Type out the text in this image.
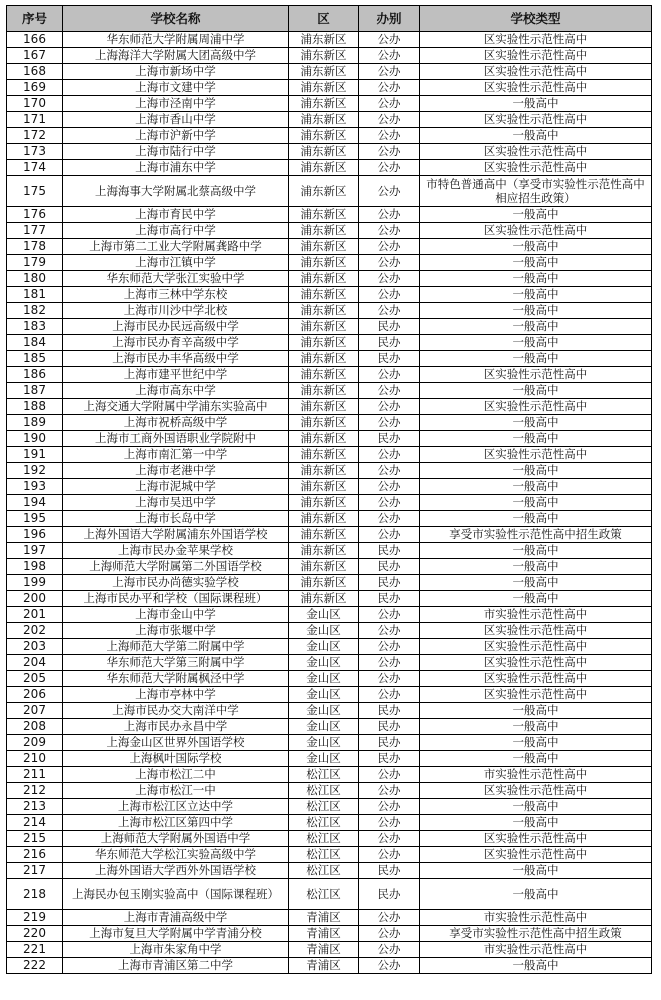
序号	学校名称	区	办别	学校类型
166	华东师范大学附属周浦中学	浦东新区	公办	区实验性示范性高中
167	上海海洋大学附属大团高级中学	浦东新区	公办	区实验性示范性高中
168	上海市新场中学	浦东新区	公办	区实验性示范性高中
169	上海市文建中学	浦东新区	公办	区实验性示范性高中
170	上海市泾南中学	浦东新区	公办	一般高中
171	上海市香山中学	浦东新区	公办	区实验性示范性高中
172	上海市沪新中学	浦东新区	公办	一般高中
173	上海市陆行中学	浦东新区	公办	区实验性示范性高中
174	上海市浦东中学	浦东新区	公办	区实验性示范性高中
175	上海海事大学附属北蔡高级中学	浦东新区	公办	市特色普通高中（享受市实验性示范性高中相应招生政策）
176	上海市育民中学	浦东新区	公办	一般高中
177	上海市高行中学	浦东新区	公办	区实验性示范性高中
178	上海市第二工业大学附属龚路中学	浦东新区	公办	一般高中
179	上海市江镇中学	浦东新区	公办	一般高中
180	华东师范大学张江实验中学	浦东新区	公办	一般高中
181	上海市三林中学东校	浦东新区	公办	一般高中
182	上海市川沙中学北校	浦东新区	公办	一般高中
183	上海市民办民远高级中学	浦东新区	民办	一般高中
184	上海市民办育辛高级中学	浦东新区	民办	一般高中
185	上海市民办丰华高级中学	浦东新区	民办	一般高中
186	上海市建平世纪中学	浦东新区	公办	区实验性示范性高中
187	上海市高东中学	浦东新区	公办	一般高中
188	上海交通大学附属中学浦东实验高中	浦东新区	公办	区实验性示范性高中
189	上海市祝桥高级中学	浦东新区	公办	一般高中
190	上海市工商外国语职业学院附中	浦东新区	民办	一般高中
191	上海市南汇第一中学	浦东新区	公办	区实验性示范性高中
192	上海市老港中学	浦东新区	公办	一般高中
193	上海市泥城中学	浦东新区	公办	一般高中
194	上海市吴迅中学	浦东新区	公办	一般高中
195	上海市长岛中学	浦东新区	公办	一般高中
196	上海外国语大学附属浦东外国语学校	浦东新区	公办	享受市实验性示范性高中招生政策
197	上海市民办金苹果学校	浦东新区	民办	一般高中
198	上海师范大学附属第二外国语学校	浦东新区	民办	一般高中
199	上海市民办尚德实验学校	浦东新区	民办	一般高中
200	上海市民办平和学校（国际课程班）	浦东新区	民办	一般高中
201	上海市金山中学	金山区	公办	市实验性示范性高中
202	上海市张堰中学	金山区	公办	区实验性示范性高中
203	上海师范大学第二附属中学	金山区	公办	区实验性示范性高中
204	华东师范大学第三附属中学	金山区	公办	区实验性示范性高中
205	华东师范大学附属枫泾中学	金山区	公办	区实验性示范性高中
206	上海市亭林中学	金山区	公办	区实验性示范性高中
207	上海市民办交大南洋中学	金山区	民办	一般高中
208	上海市民办永昌中学	金山区	民办	一般高中
209	上海金山区世界外国语学校	金山区	民办	一般高中
210	上海枫叶国际学校	金山区	民办	一般高中
211	上海市松江二中	松江区	公办	市实验性示范性高中
212	上海市松江一中	松江区	公办	区实验性示范性高中
213	上海市松江区立达中学	松江区	公办	一般高中
214	上海市松江区第四中学	松江区	公办	一般高中
215	上海师范大学附属外国语中学	松江区	公办	区实验性示范性高中
216	华东师范大学松江实验高级中学	松江区	公办	区实验性示范性高中
217	上海外国语大学西外外国语学校	松江区	民办	一般高中
218	上海民办包玉刚实验高中（国际课程班）	松江区	民办	一般高中
219	上海市青浦高级中学	青浦区	公办	市实验性示范性高中
220	上海市复旦大学附属中学青浦分校	青浦区	公办	享受市实验性示范性高中招生政策
221	上海市朱家角中学	青浦区	公办	市实验性示范性高中
222	上海市青浦区第二中学	青浦区	公办	一般高中
